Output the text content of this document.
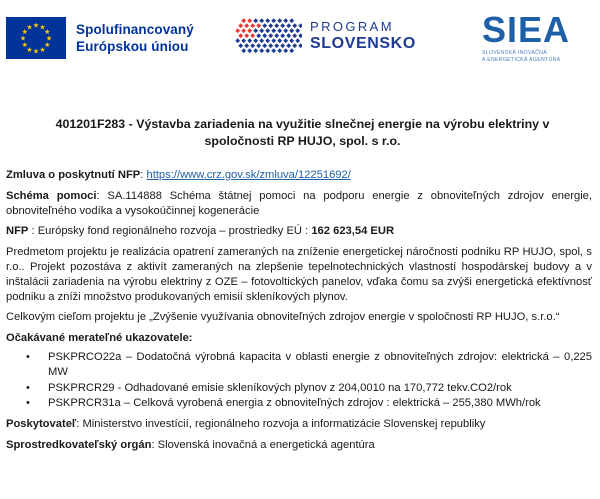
★ ★
★
★
★
★
★
★
★
★
★
★	Spolufinancovaný
Európskou úniou
PROGRAM
SLOVENSKO SIEA
SLOVENSKÁ INOVAČNÁ
A ENERGETICKÁ AGENTÚRA
401201F283 - Výstavba zariadenia na využitie slnečnej energie na výrobu elektriny v spoločnosti RP HUJO, spol. s r.o.

Zmluva o poskytnutí NFP: https://www.crz.gov.sk/zmluva/12251692/

Schéma pomoci: SA.114888 Schéma štátnej pomoci na podporu energie z obnoviteľných zdrojov energie, obnoviteľného vodíka a vysokoúčinnej kogenerácie

NFP : Európsky fond regionálneho rozvoja – prostriedky EÚ : 162 623,54 EUR

Predmetom projektu je realizácia opatrení zameraných na zníženie energetickej náročnosti podniku RP HUJO, spol, s r.o.. Projekt pozostáva z aktivít zameraných na zlepšenie tepelnotechnických vlastností hospodárskej budovy a v inštalácii zariadenia na výrobu elektriny z OZE – fotovoltických panelov, vďaka čomu sa zvýši energetická efektívnosť podniku a zníži množstvo produkovaných emisií skleníkových plynov.

Celkovým cieľom projektu je „Zvýšenie využívania obnoviteľných zdrojov energie v spoločnosti RP HUJO, s.r.o.“

Očakávané merateľné ukazovatele:
• PSKPRCO22a – Dodatočná výrobná kapacita v oblasti energie z obnoviteľných zdrojov: elektrická – 0,225 MW
• PSKPRCR29 - Odhadované emisie skleníkových plynov z 204,0010 na 170,772 tekv.CO2/rok
• PSKPRCR31a – Celková vyrobená energia z obnoviteľných zdrojov : elektrická – 255,380 MWh/rok

Poskytovateľ: Ministerstvo investícií, regionálneho rozvoja a informatizácie Slovenskej republiky

Sprostredkovateľský orgán: Slovenská inovačná a energetická agentúra
